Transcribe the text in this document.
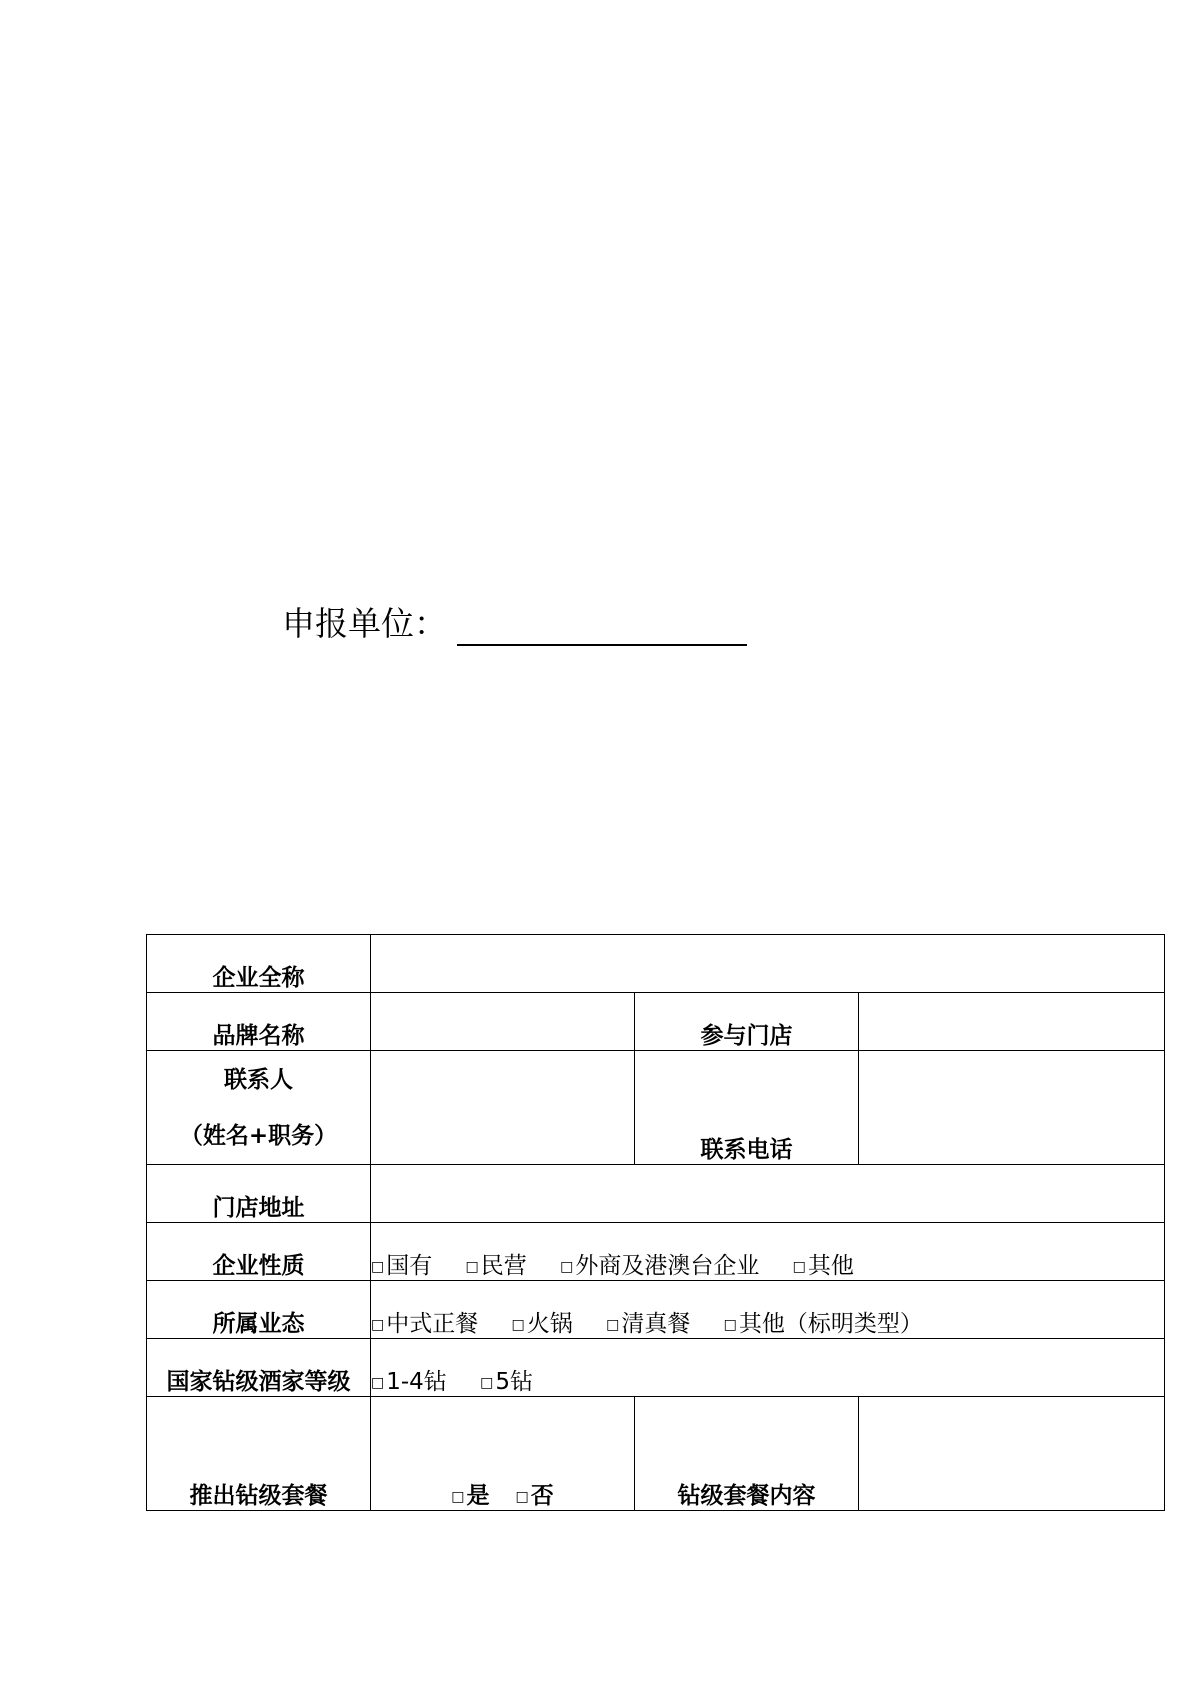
申报单位：
企业全称			
品牌名称		参与门店	

联系人
（姓名+职务）		联系电话	
门店地址			
企业性质	□国有 □民营 □外商及港澳台企业 □其他		
所属业态	□中式正餐 □火锅 □清真餐 □其他（标明类型）		
国家钻级酒家等级	□1-4钻 □5钻		
推出钻级套餐	□是 □否	钻级套餐内容	
